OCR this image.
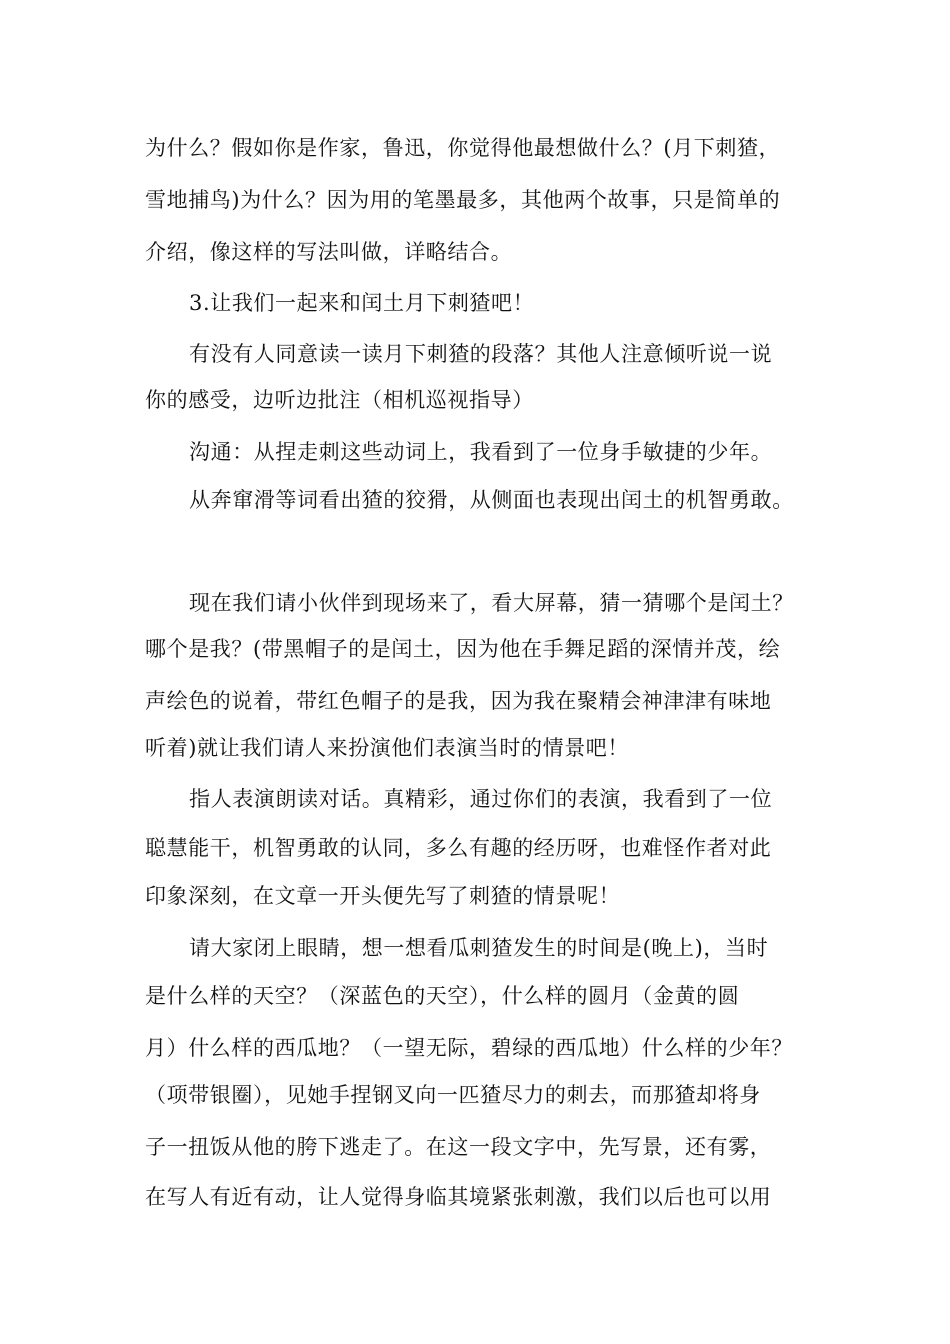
为什么？假如你是作家，鲁迅，你觉得他最想做什么？(月下刺猹，
雪地捕鸟)为什么？因为用的笔墨最多，其他两个故事，只是简单的
介绍，像这样的写法叫做，详略结合。
3.让我们一起来和闰土月下刺猹吧！
有没有人同意读一读月下刺猹的段落？其他人注意倾听说一说
你的感受，边听边批注（相机巡视指导）
沟通：从捏走刺这些动词上，我看到了一位身手敏捷的少年。
从奔窜滑等词看出猹的狡猾，从侧面也表现出闰土的机智勇敢。
现在我们请小伙伴到现场来了，看大屏幕，猜一猜哪个是闰土？
哪个是我？(带黑帽子的是闰土，因为他在手舞足蹈的深情并茂，绘
声绘色的说着，带红色帽子的是我，因为我在聚精会神津津有味地
听着)就让我们请人来扮演他们表演当时的情景吧！
指人表演朗读对话。真精彩，通过你们的表演，我看到了一位
聪慧能干，机智勇敢的认同，多么有趣的经历呀，也难怪作者对此
印象深刻，在文章一开头便先写了刺猹的情景呢！
请大家闭上眼睛，想一想看瓜刺猹发生的时间是(晚上)，当时
是什么样的天空？（深蓝色的天空），什么样的圆月（金黄的圆
月）什么样的西瓜地？（一望无际，碧绿的西瓜地）什么样的少年？
（项带银圈），见她手捏钢叉向一匹猹尽力的刺去，而那猹却将身
子一扭饭从他的胯下逃走了。在这一段文字中，先写景，还有雾，
在写人有近有动，让人觉得身临其境紧张刺激，我们以后也可以用
